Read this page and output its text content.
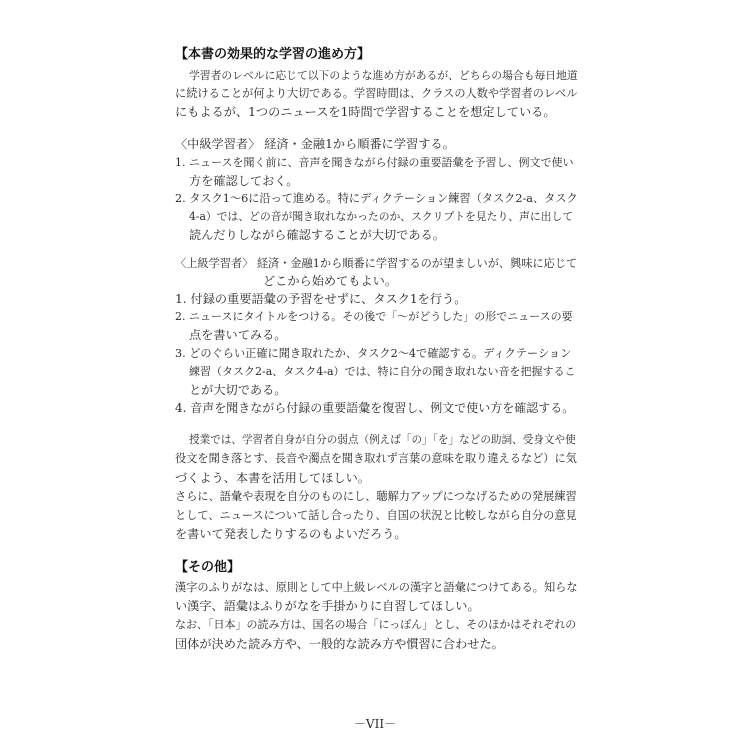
【本書の効果的な学習の進め方】
学習者のレベルに応じて以下のような進め方があるが、どちらの場合も毎日地道
に続けることが何より大切である。学習時間は、クラスの人数や学習者のレベル
にもよるが、1つのニュースを1時間で学習することを想定している。
〈中級学習者〉 経済・金融1から順番に学習する。
1. ニュースを聞く前に、音声を聞きながら付録の重要語彙を予習し、例文で使い
方を確認しておく。
2. タスク1～6に沿って進める。特にディクテーション練習（タスク2-a、タスク
4-a）では、どの音が聞き取れなかったのか、スクリプトを見たり、声に出して
読んだりしながら確認することが大切である。
〈上級学習者〉 経済・金融1から順番に学習するのが望ましいが、興味に応じて
どこから始めてもよい。
1. 付録の重要語彙の予習をせずに、タスク1を行う。
2. ニュースにタイトルをつける。その後で「～がどうした」の形でニュースの要
点を書いてみる。
3. どのぐらい正確に聞き取れたか、タスク2～4で確認する。ディクテーション
練習（タスク2-a、タスク4-a）では、特に自分の聞き取れない音を把握するこ
とが大切である。
4. 音声を聞きながら付録の重要語彙を復習し、例文で使い方を確認する。
授業では、学習者自身が自分の弱点（例えば「の」「を」などの助詞、受身文や使
役文を聞き落とす、長音や濁点を聞き取れず言葉の意味を取り違えるなど）に気
づくよう、本書を活用してほしい。
さらに、語彙や表現を自分のものにし、聴解力アップにつなげるための発展練習
として、ニュースについて話し合ったり、自国の状況と比較しながら自分の意見
を書いて発表したりするのもよいだろう。
【その他】
漢字のふりがなは、原則として中上級レベルの漢字と語彙につけてある。知らな
い漢字、語彙はふりがなを手掛かりに自習してほしい。
なお、「日本」の読み方は、国名の場合「にっぽん」とし、そのほかはそれぞれの
団体が決めた読み方や、一般的な読み方や慣習に合わせた。
－VII－
